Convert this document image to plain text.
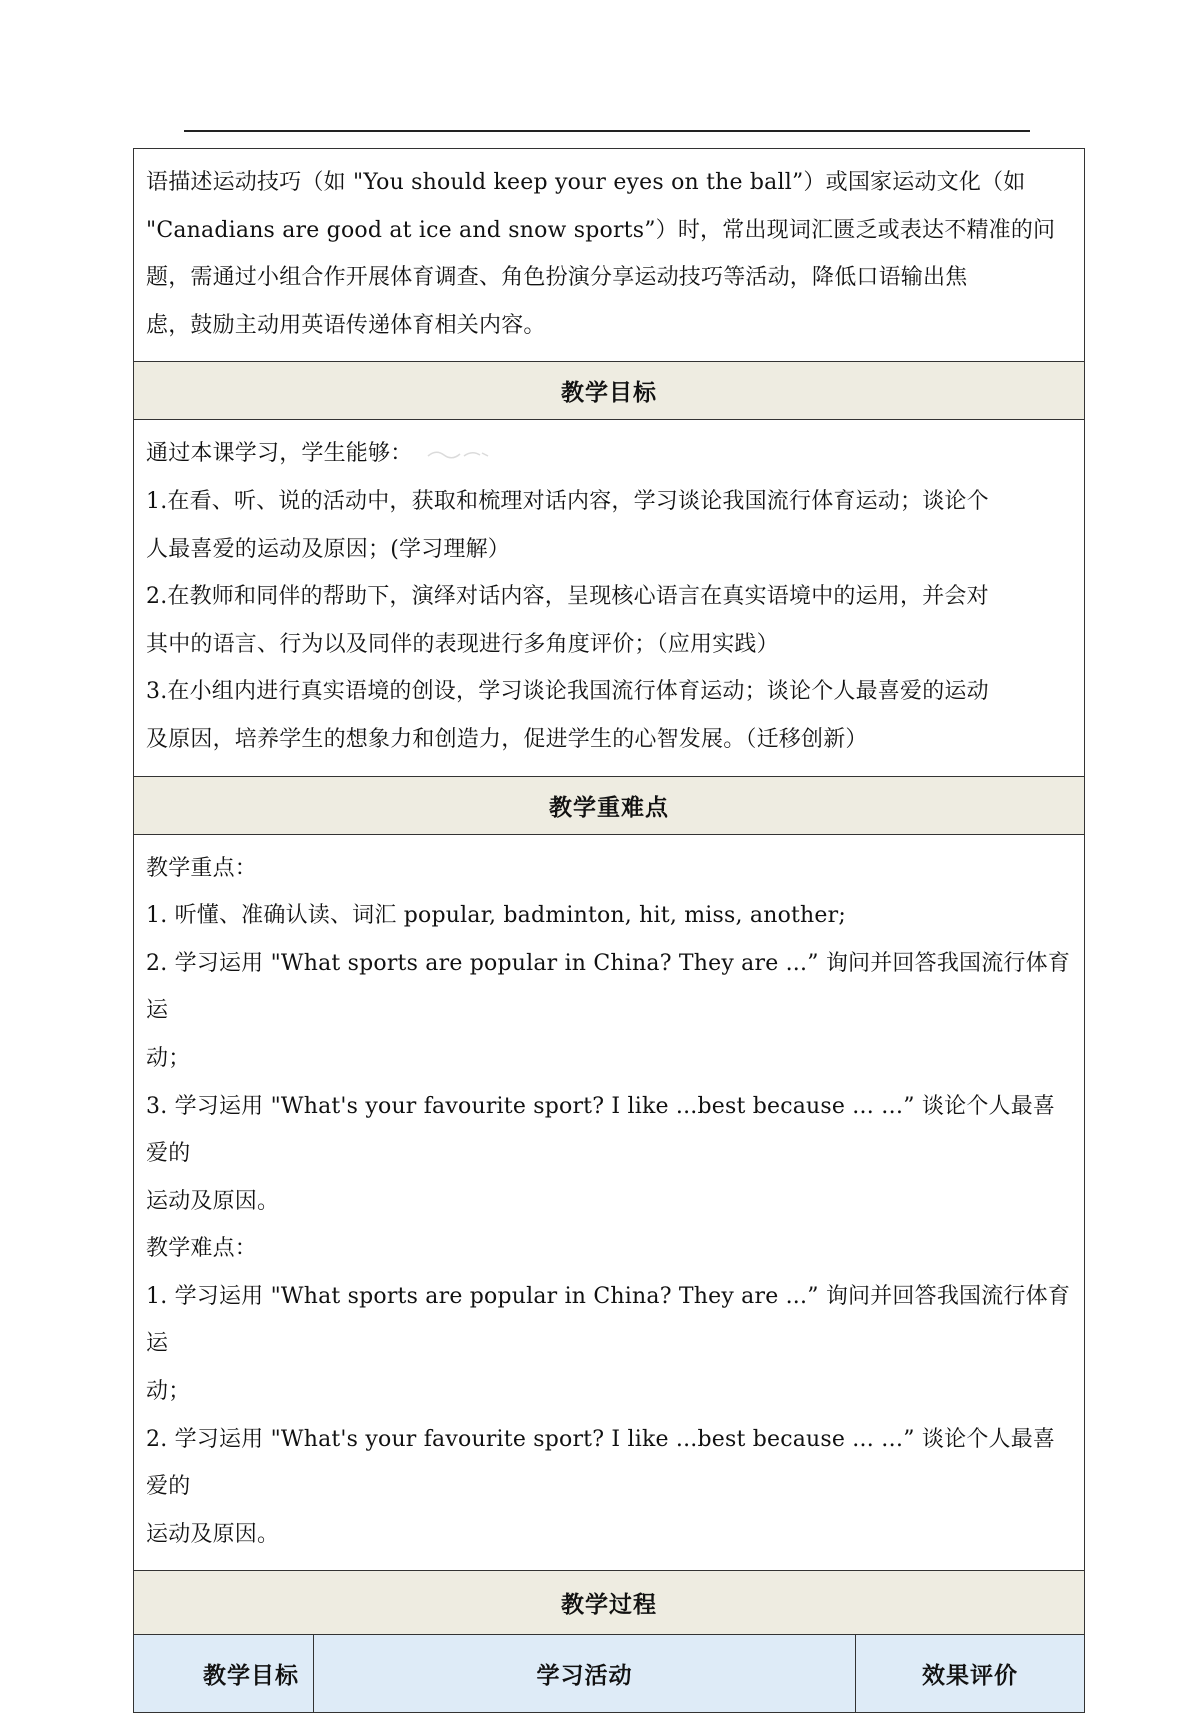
语描述运动技巧（如 "You should keep your eyes on the ball”）或国家运动文化（如

"Canadians are good at ice and snow sports”）时，常出现词汇匮乏或表达不精准的问

题，需通过小组合作开展体育调查、角色扮演分享运动技巧等活动，降低口语输出焦

虑，鼓励主动用英语传递体育相关内容。

教学目标

通过本课学习，学生能够：

1.在看、听、说的活动中，获取和梳理对话内容，学习谈论我国流行体育运动；谈论个

人最喜爱的运动及原因；(学习理解）

2.在教师和同伴的帮助下，演绎对话内容，呈现核心语言在真实语境中的运用，并会对

其中的语言、行为以及同伴的表现进行多角度评价；（应用实践）

3.在小组内进行真实语境的创设，学习谈论我国流行体育运动；谈论个人最喜爱的运动

及原因，培养学生的想象力和创造力，促进学生的心智发展。（迁移创新）

教学重难点

教学重点：

1. 听懂、准确认读、词汇 popular, badminton, hit, miss, another;

2. 学习运用 "What sports are popular in China? They are ...” 询问并回答我国流行体育运

动；

3. 学习运用 "What's your favourite sport? I like ...best because ... …” 谈论个人最喜爱的

运动及原因。

教学难点：

1. 学习运用 "What sports are popular in China? They are ...” 询问并回答我国流行体育运

动；

2. 学习运用 "What's your favourite sport? I like ...best because ... …” 谈论个人最喜爱的

运动及原因。

教学过程
教学目标	学习活动	效果评价
